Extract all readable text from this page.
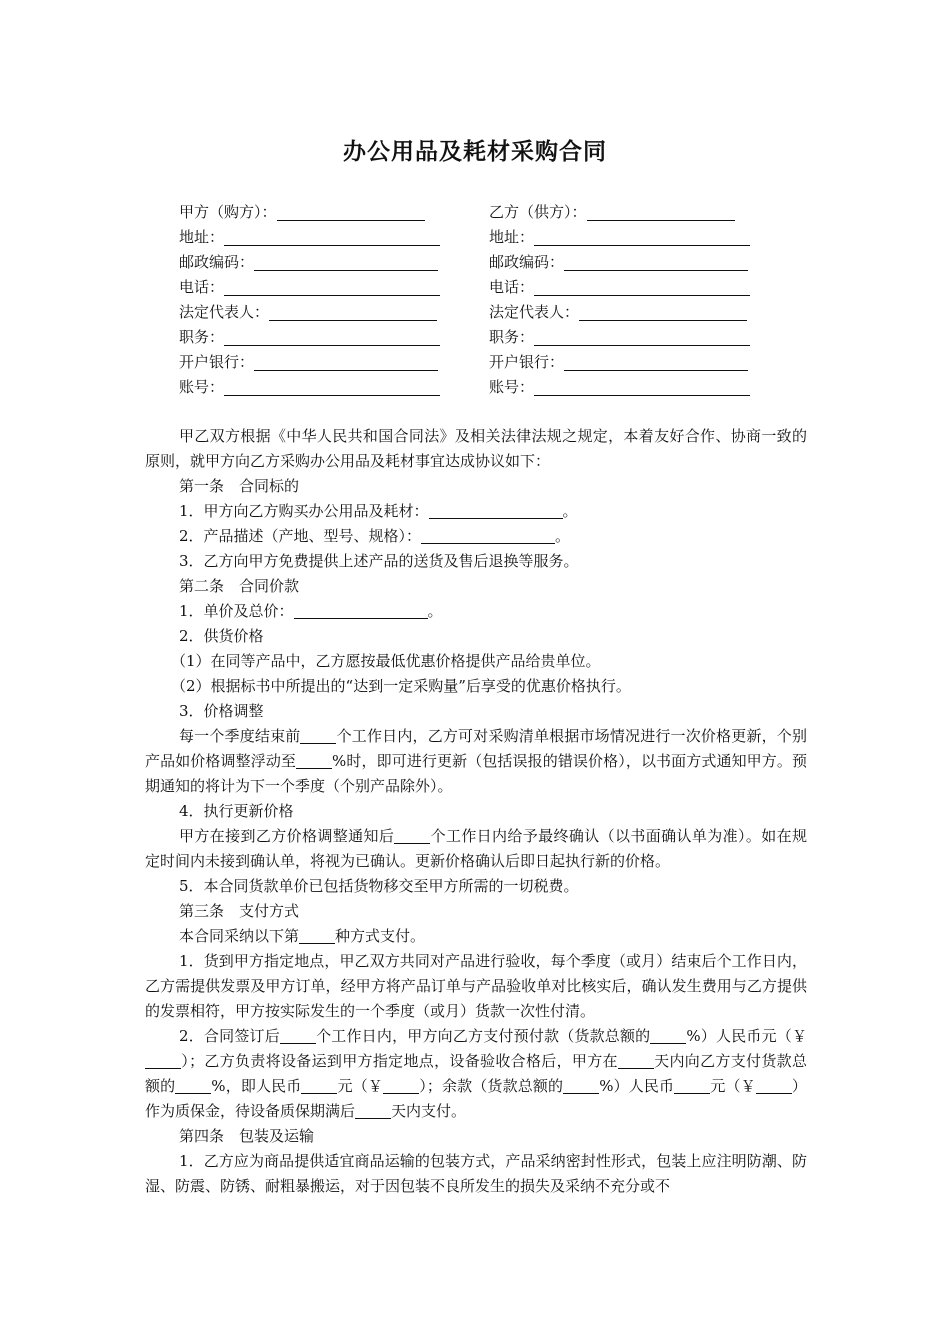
办公用品及耗材采购合同
甲方（购方）：	乙方（供方）：
地址：	地址：
邮政编码：	邮政编码：
电话：	电话：
法定代表人：	法定代表人：
职务：	职务：
开户银行：	开户银行：
账号：	账号：

甲乙双方根据《中华人民共和国合同法》及相关法律法规之规定，本着友好合作、协商一致的原则，就甲方向乙方采购办公用品及耗材事宜达成协议如下：

第一条　合同标的

1．甲方向乙方购买办公用品及耗材：	。

2．产品描述（产地、型号、规格）：	。

3．乙方向甲方免费提供上述产品的送货及售后退换等服务。

第二条　合同价款

1．单价及总价：	。

2．供货价格

（1）在同等产品中，乙方愿按最低优惠价格提供产品给贵单位。

（2）根据标书中所提出的“达到一定采购量”后享受的优惠价格执行。

3．价格调整

每一个季度结束前 个工作日内，乙方可对采购清单根据市场情况进行一次价格更新，个别产品如价格调整浮动至 %时，即可进行更新（包括误报的错误价格），以书面方式通知甲方。预期通知的将计为下一个季度（个别产品除外）。

4．执行更新价格

甲方在接到乙方价格调整通知后 个工作日内给予最终确认（以书面确认单为准）。如在规定时间内未接到确认单，将视为已确认。更新价格确认后即日起执行新的价格。

5．本合同货款单价已包括货物移交至甲方所需的一切税费。

第三条　支付方式

本合同采纳以下第 种方式支付。

1．货到甲方指定地点，甲乙双方共同对产品进行验收，每个季度（或月）结束后个工作日内，乙方需提供发票及甲方订单，经甲方将产品订单与产品验收单对比核实后，确认发生费用与乙方提供的发票相符，甲方按实际发生的一个季度（或月）货款一次性付清。

2．合同签订后 个工作日内，甲方向乙方支付预付款（货款总额的 %）人民币元（￥）；乙方负责将设备运到甲方指定地点，设备验收合格后，甲方在 天内向乙方支付货款总额的 %，即人民币 元（￥ ）；余款（货款总额的 %）人民币 元（￥ ）作为质保金，待设备质保期满后 天内支付。

第四条　包装及运输

1．乙方应为商品提供适宜商品运输的包装方式，产品采纳密封性形式，包装上应注明防潮、防湿、防震、防锈、耐粗暴搬运，对于因包装不良所发生的损失及采纳不充分或不
